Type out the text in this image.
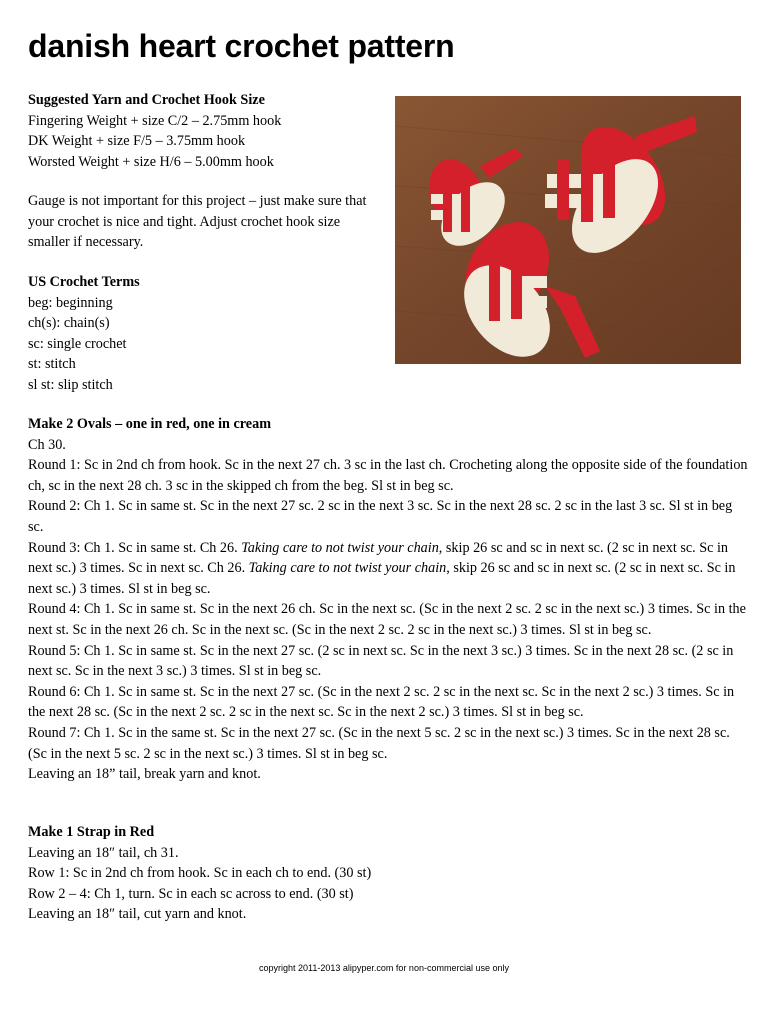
danish heart crochet pattern
Suggested Yarn and Crochet Hook Size
Fingering Weight + size C/2 – 2.75mm hook
DK Weight + size F/5 – 3.75mm hook
Worsted Weight + size H/6 – 5.00mm hook
Gauge is not important for this project – just make sure that
your crochet is nice and tight. Adjust crochet hook size
smaller if necessary.
US Crochet Terms
beg: beginning
ch(s): chain(s)
sc: single crochet
st: stitch
sl st: slip stitch
Make 2 Ovals – one in red, one in cream

Ch 30.

Round 1: Sc in 2nd ch from hook. Sc in the next 27 ch. 3 sc in the last ch. Crocheting along the opposite side of the foundation ch, sc in the next 28 ch. 3 sc in the skipped ch from the beg. Sl st in beg sc.

Round 2: Ch 1. Sc in same st. Sc in the next 27 sc. 2 sc in the next 3 sc. Sc in the next 28 sc. 2 sc in the last 3 sc. Sl st in beg sc.

Round 3: Ch 1. Sc in same st. Ch 26. Taking care to not twist your chain, skip 26 sc and sc in next sc. (2 sc in next sc. Sc in next sc.) 3 times. Sc in next sc. Ch 26. Taking care to not twist your chain, skip 26 sc and sc in next sc. (2 sc in next sc. Sc in next sc.) 3 times. Sl st in beg sc.

Round 4: Ch 1. Sc in same st. Sc in the next 26 ch. Sc in the next sc. (Sc in the next 2 sc. 2 sc in the next sc.) 3 times. Sc in the next st. Sc in the next 26 ch. Sc in the next sc. (Sc in the next 2 sc. 2 sc in the next sc.) 3 times. Sl st in beg sc.

Round 5: Ch 1. Sc in same st. Sc in the next 27 sc. (2 sc in next sc. Sc in the next 3 sc.) 3 times. Sc in the next 28 sc. (2 sc in next sc. Sc in the next 3 sc.) 3 times. Sl st in beg sc.

Round 6: Ch 1. Sc in same st. Sc in the next 27 sc. (Sc in the next 2 sc. 2 sc in the next sc. Sc in the next 2 sc.) 3 times. Sc in the next 28 sc. (Sc in the next 2 sc. 2 sc in the next sc. Sc in the next 2 sc.) 3 times. Sl st in beg sc.

Round 7: Ch 1. Sc in the same st. Sc in the next 27 sc. (Sc in the next 5 sc. 2 sc in the next sc.) 3 times. Sc in the next 28 sc. (Sc in the next 5 sc. 2 sc in the next sc.) 3 times. Sl st in beg sc.

Leaving an 18” tail, break yarn and knot.

Make 1 Strap in Red
Leaving an 18″ tail, ch 31.
Row 1: Sc in 2nd ch from hook. Sc in each ch to end. (30 st)
Row 2 – 4: Ch 1, turn. Sc in each sc across to end. (30 st)
Leaving an 18″ tail, cut yarn and knot.
copyright 2011-2013 alipyper.com for non-commercial use only
